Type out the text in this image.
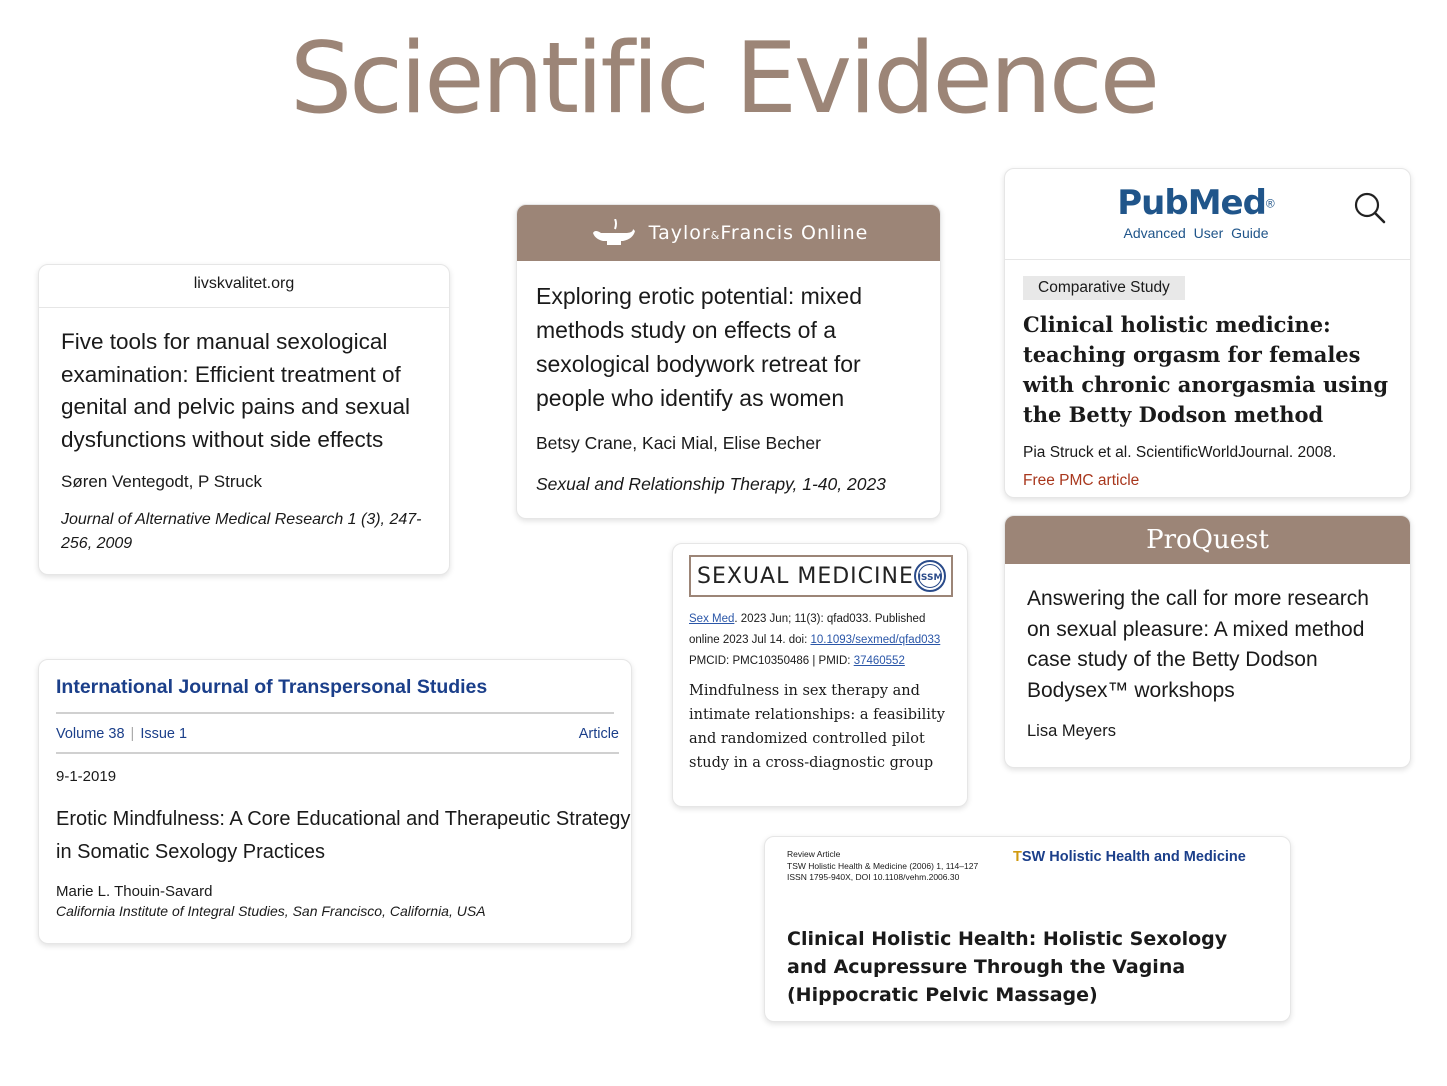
Scientific Evidence
livskvalitet.org
Five tools for manual sexological examination: Efficient treatment of genital and pelvic pains and sexual dysfunctions without side effects
Søren Ventegodt, P Struck
Journal of Alternative Medical Research 1 (3), 247-256, 2009
Taylor&Francis Online
Exploring erotic potential: mixed methods study on effects of a sexological bodywork retreat for people who identify as women
Betsy Crane, Kaci Mial, Elise Becher
Sexual and Relationship Therapy, 1-40, 2023
PubMed®
Advanced User Guide
Comparative Study
Clinical holistic medicine: teaching orgasm for females with chronic anorgasmia using the Betty Dodson method
Pia Struck et al. ScientificWorldJournal. 2008.
Free PMC article
International Journal of Transpersonal Studies
Volume 38 | Issue 1	Article
9-1-2019
Erotic Mindfulness: A Core Educational and Therapeutic Strategy in Somatic Sexology Practices
Marie L. Thouin-Savard
California Institute of Integral Studies, San Francisco, California, USA
SEXUAL MEDICINE ISSM
Sex Med. 2023 Jun; 11(3): qfad033. Published online 2023 Jul 14. doi: 10.1093/sexmed/qfad033
PMCID: PMC10350486 | PMID: 37460552
Mindfulness in sex therapy and intimate relationships: a feasibility and randomized controlled pilot study in a cross-diagnostic group
ProQuest
Answering the call for more research on sexual pleasure: A mixed method case study of the Betty Dodson Bodysex™ workshops
Lisa Meyers
Review Article
TSW Holistic Health & Medicine (2006) 1, 114–127
ISSN 1795-940X, DOI 10.1108/vehm.2006.30
TSW Holistic Health and Medicine
Clinical Holistic Health: Holistic Sexology and Acupressure Through the Vagina (Hippocratic Pelvic Massage)
